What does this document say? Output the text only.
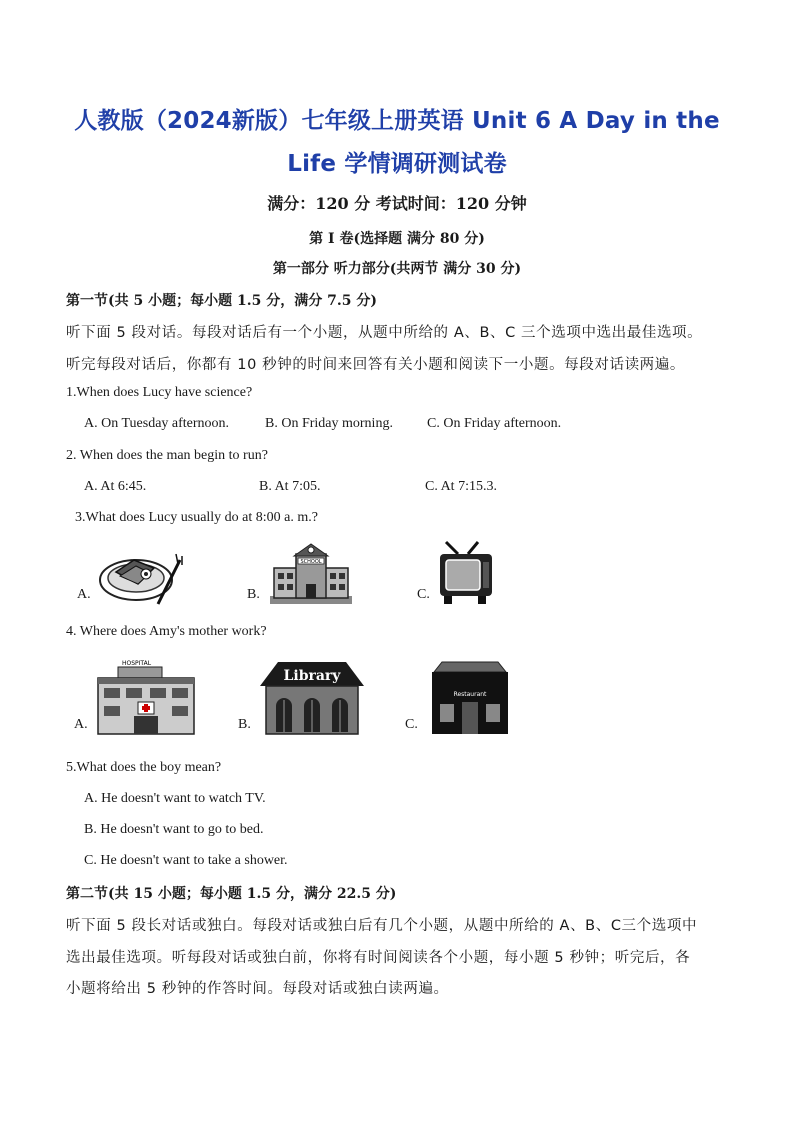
人教版（2024新版）七年级上册英语 Unit 6 A Day in the
Life 学情调研测试卷
满分：120 分 考试时间：120 分钟
第 I 卷(选择题 满分 80 分)
第一部分 听力部分(共两节 满分 30 分)
第一节(共 5 小题；每小题 1.5 分，满分 7.5 分)
听下面 5 段对话。每段对话后有一个小题，从题中所给的 A、B、C 三个选项中选出最佳选项。
听完每段对话后，你都有 10 秒钟的时间来回答有关小题和阅读下一小题。每段对话读两遍。
1.When does Lucy have science?
A. On Tuesday afternoon.	B. On Friday morning. C. On Friday afternoon.
2. When does the man begin to run?
A. At 6:45.	B. At 7:05.	C. At 7:15.3.
3.What does Lucy usually do at 8:00 a. m.?
A.	B.	C.
SCHOOL
4. Where does Amy's mother work?
A.	B.	C.
HOSPITAL
Library
Restaurant
5.What does the boy mean?
A. He doesn't want to watch TV.
B. He doesn't want to go to bed.
C. He doesn't want to take a shower.
第二节(共 15 小题；每小题 1.5 分，满分 22.5 分)
听下面 5 段长对话或独白。每段对话或独白后有几个小题，从题中所给的 A、B、C三个选项中
选出最佳选项。听每段对话或独白前，你将有时间阅读各个小题，每小题 5 秒钟；听完后，各
小题将给出 5 秒钟的作答时间。每段对话或独白读两遍。
